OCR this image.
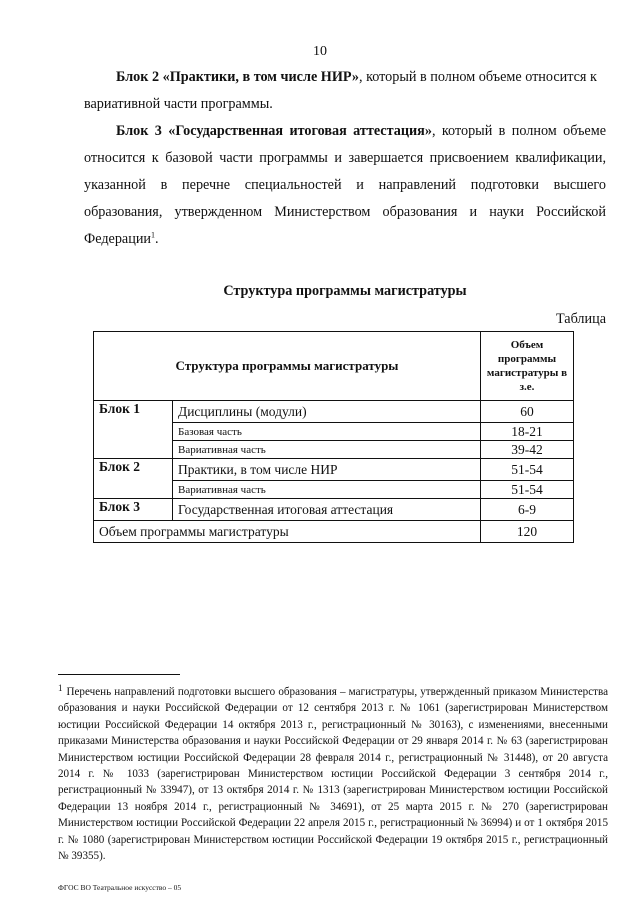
10
Блок 2 «Практики, в том числе НИР», который в полном объеме относится к вариативной части программы.
Блок 3 «Государственная итоговая аттестация», который в полном объеме относится к базовой части программы и завершается присвоением квалификации, указанной в перечне специальностей и направлений подготовки высшего образования, утвержденном Министерством образования и науки Российской Федерации$^1$.
Структура программы магистратуры
Таблица
Структура программы магистратуры		Объем программы магистратуры в з.е.
Блок 1	Дисциплины (модули)	60
	Базовая часть	18-21
	Вариативная часть	39-42
Блок 2	Практики, в том числе НИР	51-54
	Вариативная часть	51-54
Блок 3	Государственная итоговая аттестация	6-9
Объем программы магистратуры		120
$^1$ Перечень направлений подготовки высшего образования – магистратуры, утвержденный приказом Министерства образования и науки Российской Федерации от 12 сентября 2013 г. № 1061 (зарегистрирован Министерством юстиции Российской Федерации 14 октября 2013 г., регистрационный № 30163), с изменениями, внесенными приказами Министерства образования и науки Российской Федерации от 29 января 2014 г. № 63 (зарегистрирован Министерством юстиции Российской Федерации 28 февраля 2014 г., регистрационный № 31448), от 20 августа 2014 г. № 1033 (зарегистрирован Министерством юстиции Российской Федерации 3 сентября 2014 г., регистрационный № 33947), от 13 октября 2014 г. № 1313 (зарегистрирован Министерством юстиции Российской Федерации 13 ноября 2014 г., регистрационный № 34691), от 25 марта 2015 г. № 270 (зарегистрирован Министерством юстиции Российской Федерации 22 апреля 2015 г., регистрационный № 36994) и от 1 октября 2015 г. № 1080 (зарегистрирован Министерством юстиции Российской Федерации 19 октября 2015 г., регистрационный № 39355).
ФГОС ВО Театральное искусство – 05
